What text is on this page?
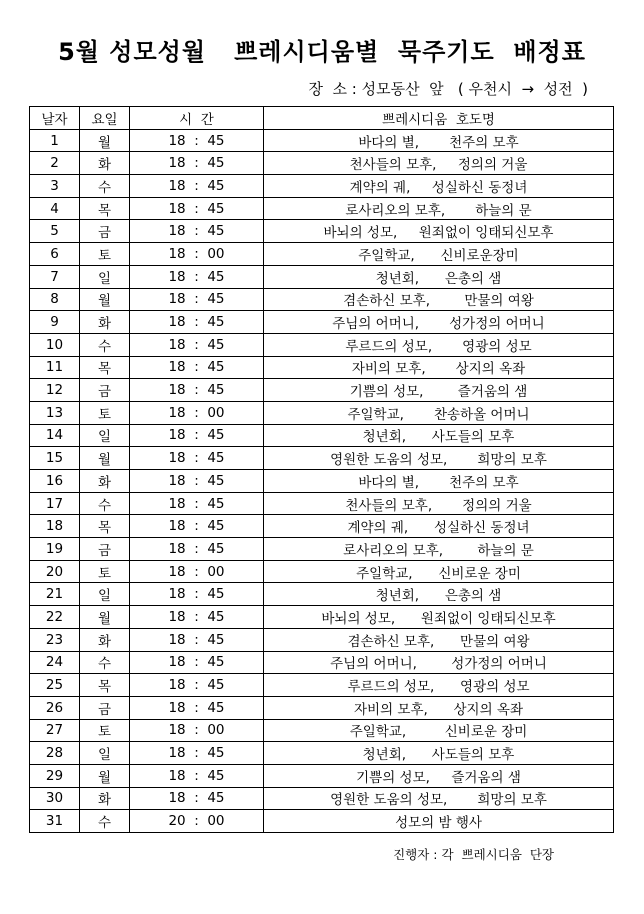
5월 성모성월   쁘레시디움별  묵주기도  배정표
장  소 : 성모동산  앞   ( 우천시  →  성전  )
날자	요일	시  간	쁘레시디움  호도명
1	월	18  :  45	바다의 별,       천주의 모후
2	화	18  :  45	천사들의 모후,     정의의 거울
3	수	18  :  45	계약의 궤,     성실하신 동정녀
4	목	18  :  45	로사리오의 모후,       하늘의 문
5	금	18  :  45	바뇌의 성모,     원죄없이 잉태되신모후
6	토	18  :  00	주일학교,      신비로운장미
7	일	18  :  45	청년회,      은총의 샘
8	월	18  :  45	겸손하신 모후,        만물의 여왕
9	화	18  :  45	주님의 어머니,       성가정의 어머니
10	수	18  :  45	루르드의 성모,       영광의 성모
11	목	18  :  45	자비의 모후,       상지의 옥좌
12	금	18  :  45	기쁨의 성모,        즐거움의 샘
13	토	18  :  00	주일학교,       찬송하올 어머니
14	일	18  :  45	청년회,      사도들의 모후
15	월	18  :  45	영원한 도움의 성모,       희망의 모후
16	화	18  :  45	바다의 별,       천주의 모후
17	수	18  :  45	천사들의 모후,       정의의 거울
18	목	18  :  45	계약의 궤,      성실하신 동정녀
19	금	18  :  45	로사리오의 모후,        하늘의 문
20	토	18  :  00	주일학교,      신비로운 장미
21	일	18  :  45	청년회,      은총의 샘
22	월	18  :  45	바뇌의 성모,      원죄없이 잉태되신모후
23	화	18  :  45	겸손하신 모후,      만물의 여왕
24	수	18  :  45	주님의 어머니,        성가정의 어머니
25	목	18  :  45	루르드의 성모,      영광의 성모
26	금	18  :  45	자비의 모후,      상지의 옥좌
27	토	18  :  00	주일학교,         신비로운 장미
28	일	18  :  45	청년회,      사도들의 모후
29	월	18  :  45	기쁨의 성모,     즐거움의 샘
30	화	18  :  45	영원한 도움의 성모,       희망의 모후
31	수	20  :  00	성모의 밤 행사
진행자 : 각  쁘레시디움  단장
